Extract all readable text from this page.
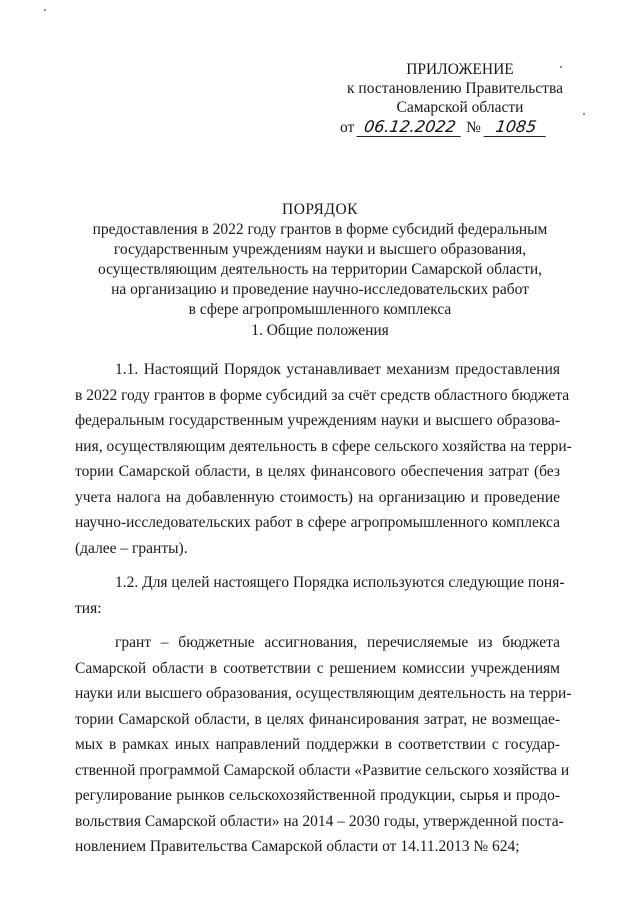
ПРИЛОЖЕНИЕ
к постановлению Правительства
Самарской области
от 06.12.2022 № 1085
ПОРЯДОК
предоставления в 2022 году грантов в форме субсидий федеральным
государственным учреждениям науки и высшего образования,
осуществляющим деятельность на территории Самарской области,
на организацию и проведение научно-исследовательских работ
в сфере агропромышленного комплекса
1. Общие положения
1.1. Настоящий Порядок устанавливает механизм предоставления
в 2022 году грантов в форме субсидий за счёт средств областного бюджета
федеральным государственным учреждениям науки и высшего образова-
ния, осуществляющим деятельность в сфере сельского хозяйства на терри-
тории Самарской области, в целях финансового обеспечения затрат (без
учета налога на добавленную стоимость) на организацию и проведение
научно-исследовательских работ в сфере агропромышленного комплекса
(далее – гранты).
1.2. Для целей настоящего Порядка используются следующие поня-
тия:
грант – бюджетные ассигнования, перечисляемые из бюджета
Самарской области в соответствии с решением комиссии учреждениям
науки или высшего образования, осуществляющим деятельность на терри-
тории Самарской области, в целях финансирования затрат, не возмещае-
мых в рамках иных направлений поддержки в соответствии с государ-
ственной программой Самарской области «Развитие сельского хозяйства и
регулирование рынков сельскохозяйственной продукции, сырья и продо-
вольствия Самарской области» на 2014 – 2030 годы, утвержденной поста-
новлением Правительства Самарской области от 14.11.2013 № 624;
